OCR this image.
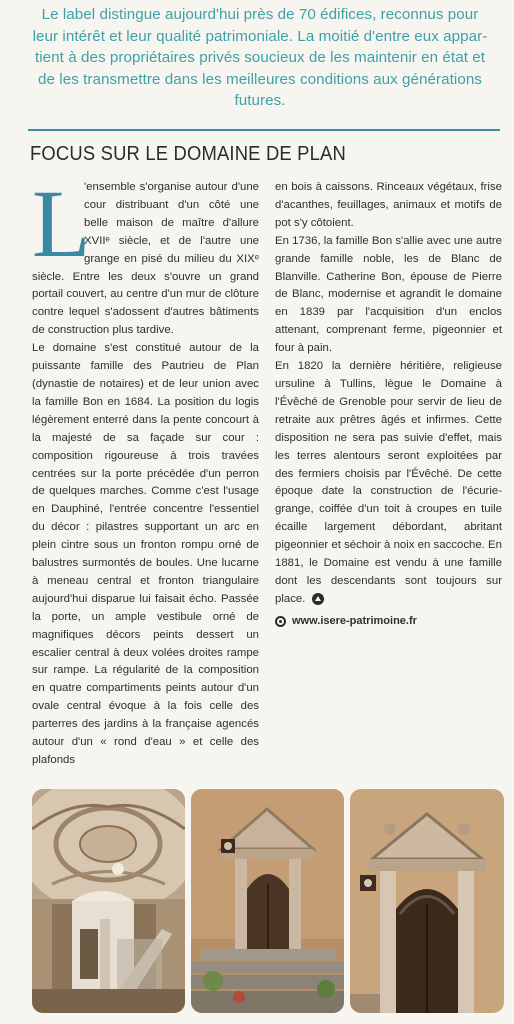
Le label distingue aujourd'hui près de 70 édifices, reconnus pour
leur intérêt et leur qualité patrimoniale. La moitié d'entre eux appar-
tient à des propriétaires privés soucieux de les maintenir en état et
de les transmettre dans les meilleures conditions aux générations
futures.
FOCUS SUR LE DOMAINE DE PLAN

L
'ensemble s'organise autour d'une cour distribuant d'un côté une belle maison de maître d'allure XVIIᵉ siècle, et de l'autre une grange en pisé du milieu du XIXᵉ siècle. Entre les deux s'ouvre un grand portail couvert, au centre d'un mur de clôture contre lequel s'adossent d'autres bâtiments de construction plus tardive.

Le domaine s'est constitué autour de la puissante famille des Pautrieu de Plan (dynastie de notaires) et de leur union avec la famille Bon en 1684. La position du logis légèrement enterré dans la pente concourt à la majesté de sa façade sur cour : composition rigoureuse à trois travées centrées sur la porte précédée d'un perron de quelques marches. Comme c'est l'usage en Dauphiné, l'entrée concentre l'essentiel du décor : pilastres supportant un arc en plein cintre sous un fronton rompu orné de balustres surmontés de boules. Une lucarne à meneau central et fronton triangulaire aujourd'hui disparue lui faisait écho. Passée la porte, un ample vestibule orné de magnifiques décors peints dessert un escalier central à deux volées droites rampe sur rampe. La régularité de la composition en quatre compartiments peints autour d'un ovale central évoque à la fois celle des parterres des jardins à la française agencés autour d'un « rond d'eau » et celle des plafonds

en bois à caissons. Rinceaux végétaux, frise d'acanthes, feuillages, animaux et motifs de pot s'y côtoient.

En 1736, la famille Bon s'allie avec une autre grande famille noble, les de Blanc de Blanville. Catherine Bon, épouse de Pierre de Blanc, modernise et agrandit le domaine en 1839 par l'acquisition d'un enclos attenant, comprenant ferme, pigeonnier et four à pain.

En 1820 la dernière héritière, religieuse ursuline à Tullins, lègue le Domaine à l'Évêché de Grenoble pour servir de lieu de retraite aux prêtres âgés et infirmes. Cette disposition ne sera pas suivie d'effet, mais les terres alentours seront exploitées par des fermiers choisis par l'Évêché. De cette époque date la construction de l'écurie-grange, coiffée d'un toit à croupes en tuile écaille largement débordant, abritant pigeonnier et séchoir à noix en saccoche. En 1881, le Domaine est vendu à une famille dont les descendants sont toujours sur place.

www.isere-patrimoine.fr
